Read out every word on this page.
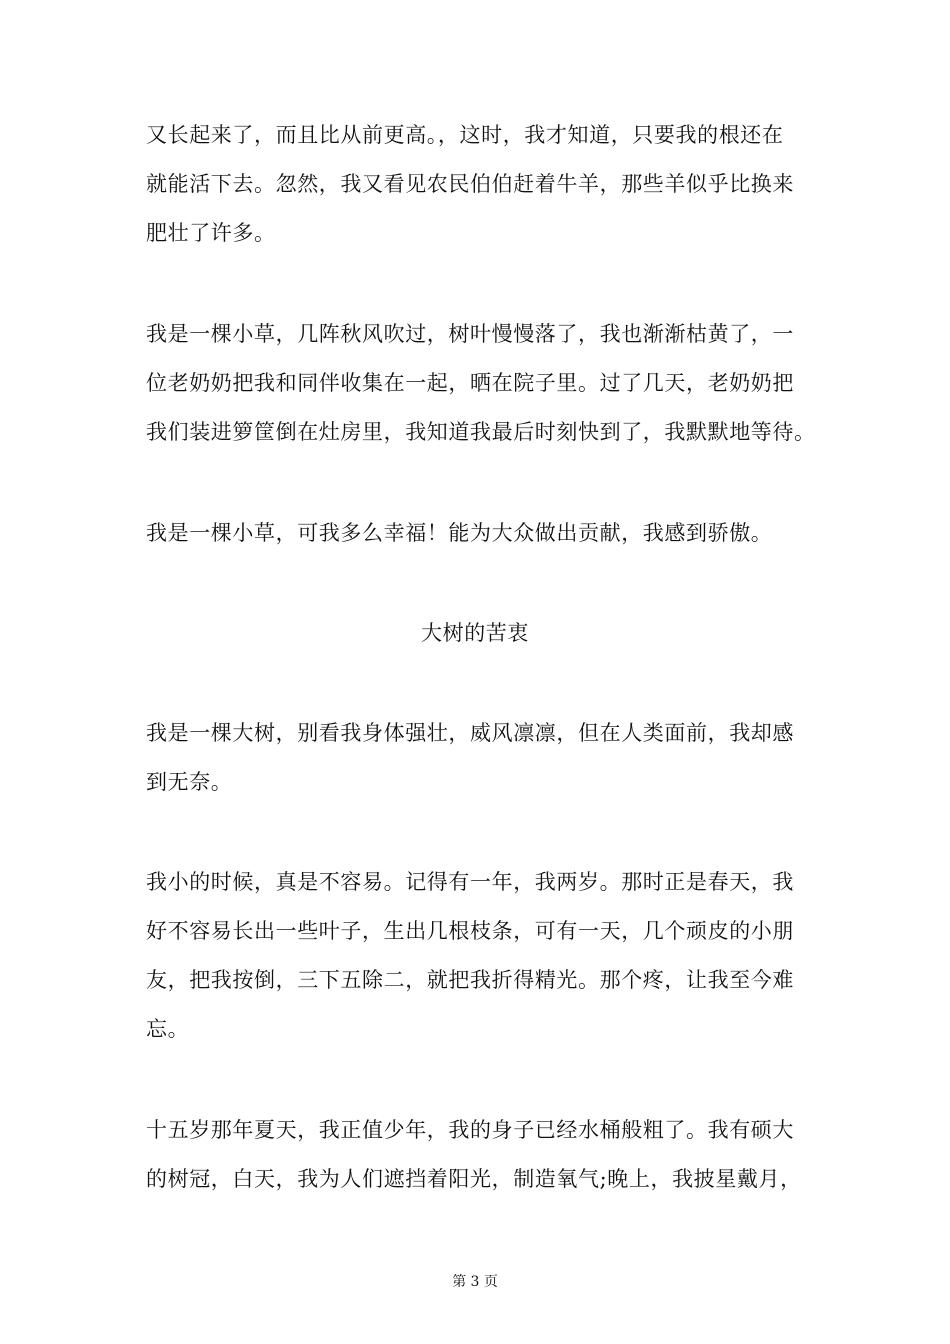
又长起来了，而且比从前更高。，这时，我才知道，只要我的根还在
就能活下去。忽然，我又看见农民伯伯赶着牛羊，那些羊似乎比换来
肥壮了许多。
我是一棵小草，几阵秋风吹过，树叶慢慢落了，我也渐渐枯黄了，一
位老奶奶把我和同伴收集在一起，晒在院子里。过了几天，老奶奶把
我们装进箩筐倒在灶房里，我知道我最后时刻快到了，我默默地等待。
我是一棵小草，可我多么幸福！能为大众做出贡献，我感到骄傲。
大树的苦衷
我是一棵大树，别看我身体强壮，威风凛凛，但在人类面前，我却感
到无奈。
我小的时候，真是不容易。记得有一年，我两岁。那时正是春天，我
好不容易长出一些叶子，生出几根枝条，可有一天，几个顽皮的小朋
友，把我按倒，三下五除二，就把我折得精光。那个疼，让我至今难
忘。
十五岁那年夏天，我正值少年，我的身子已经水桶般粗了。我有硕大
的树冠，白天，我为人们遮挡着阳光，制造氧气;晚上，我披星戴月，
第 3 页
